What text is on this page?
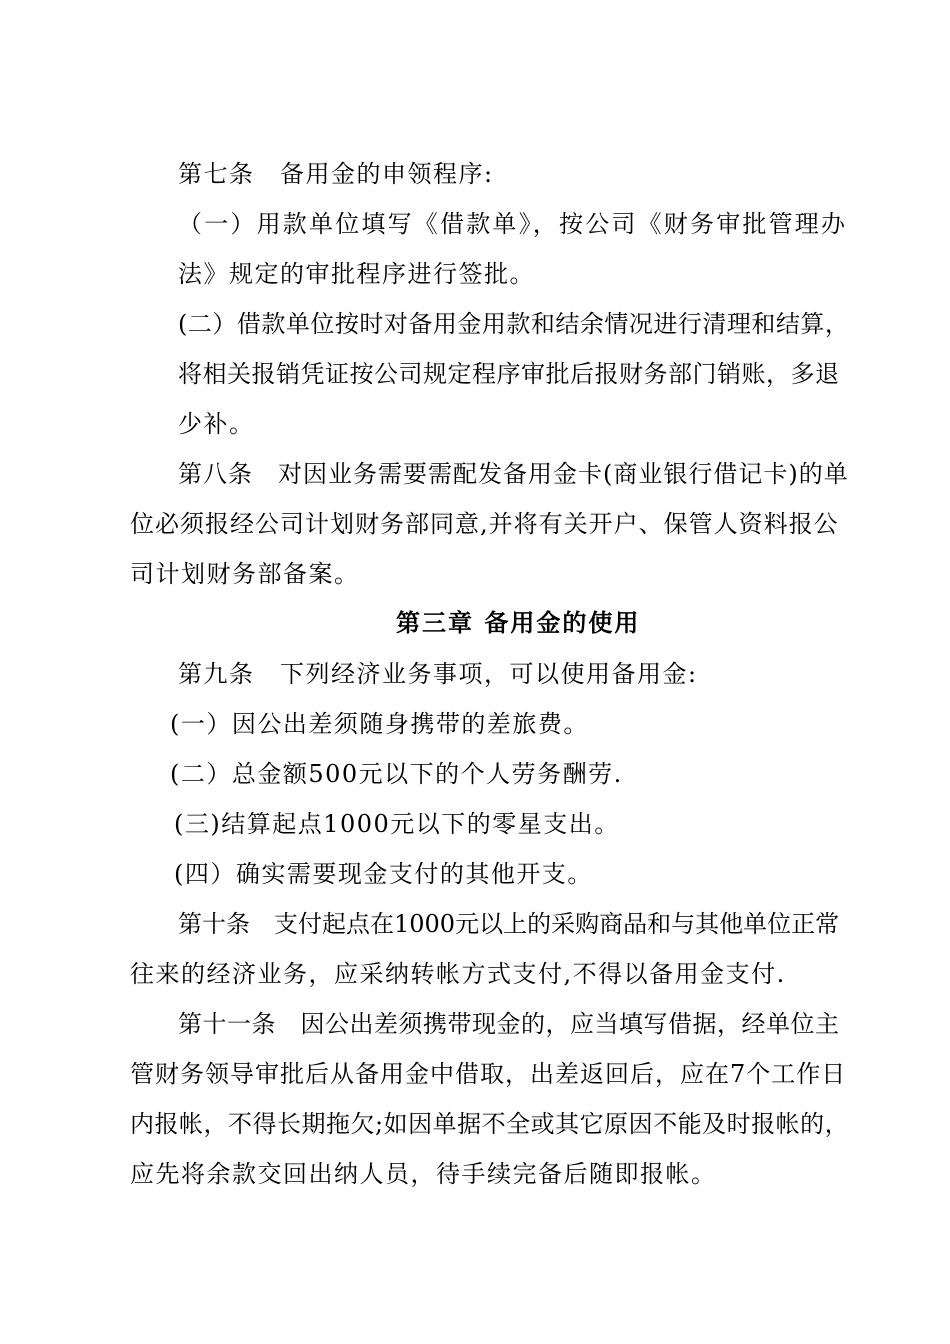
第七条　备用金的申领程序:
（一）用款单位填写《借款单》，按公司《财务审批管理办
法》规定的审批程序进行签批。
(二）借款单位按时对备用金用款和结余情况进行清理和结算，
将相关报销凭证按公司规定程序审批后报财务部门销账，多退
少补。
第八条　对因业务需要需配发备用金卡(商业银行借记卡)的单
位必须报经公司计划财务部同意,并将有关开户、保管人资料报公
司计划财务部备案。
第三章 备用金的使用
第九条　下列经济业务事项，可以使用备用金:
(一）因公出差须随身携带的差旅费。
(二）总金额500元以下的个人劳务酬劳.
(三)结算起点1000元以下的零星支出。
(四）确实需要现金支付的其他开支。
第十条　支付起点在1000元以上的采购商品和与其他单位正常
往来的经济业务，应采纳转帐方式支付,不得以备用金支付.
第十一条　因公出差须携带现金的，应当填写借据，经单位主
管财务领导审批后从备用金中借取，出差返回后，应在7个工作日
内报帐，不得长期拖欠;如因单据不全或其它原因不能及时报帐的，
应先将余款交回出纳人员，待手续完备后随即报帐。
